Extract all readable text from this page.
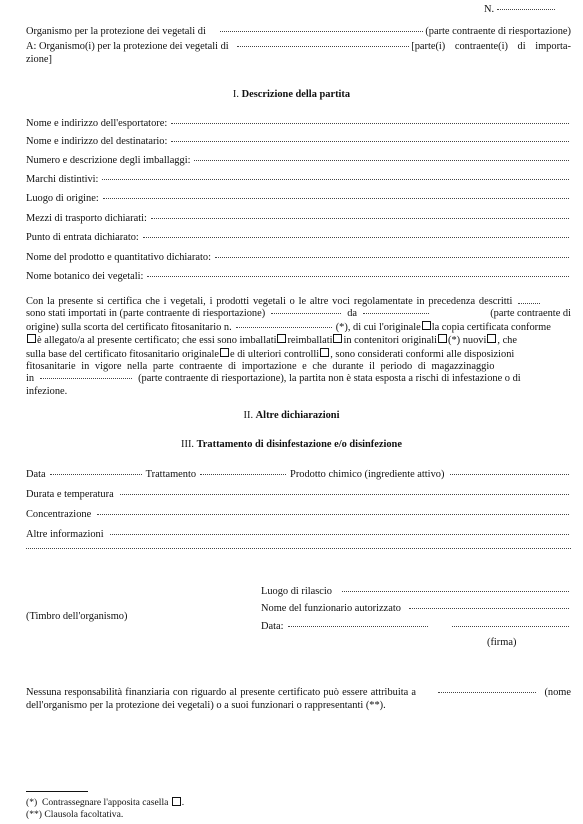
N.
Organismo per la protezione dei vegetali di	(parte contraente di riesportazione)
A: Organismo(i) per la protezione dei vegetali di	[parte(i) contraente(i) di importa-
zione]
I. Descrizione della partita
Nome e indirizzo dell'esportatore:
Nome e indirizzo del destinatario:
Numero e descrizione degli imballaggi:
Marchi distintivi:
Luogo di origine:
Mezzi di trasporto dichiarati:
Punto di entrata dichiarato:
Nome del prodotto e quantitativo dichiarato:
Nome botanico dei vegetali:
Con la presente si certifica che i vegetali, i prodotti vegetali o le altre voci regolamentate in precedenza descritti
sono stati importati in (parte contraente di riesportazione)	da	(parte contraente di
origine) sulla scorta del certificato fitosanitario n.	(*), di cui l'originale la copia certificata conforme
è allegato/a al presente certificato; che essi sono imballati reimballati in contenitori originali (*) nuovi , che
sulla base del certificato fitosanitario originale e di ulteriori controlli , sono considerati conformi alle disposizioni
fitosanitarie in vigore nella parte contraente di importazione e che durante il periodo di magazzinaggio
in	(parte contraente di riesportazione), la partita non è stata esposta a rischi di infestazione o di
infezione.
II. Altre dichiarazioni
III. Trattamento di disinfestazione e/o disinfezione
Data	Trattamento	Prodotto chimico (ingrediente attivo)
Durata e temperatura
Concentrazione
Altre informazioni
Luogo di rilascio
Nome del funzionario autorizzato
(Timbro dell'organismo)
Data:
(firma)
Nessuna responsabilità finanziaria con riguardo al presente certificato può essere attribuita a	(nome
dell'organismo per la protezione dei vegetali) o a suoi funzionari o rappresentanti (**).
(*) Contrassegnare l'apposita casella .
(**) Clausola facoltativa.
